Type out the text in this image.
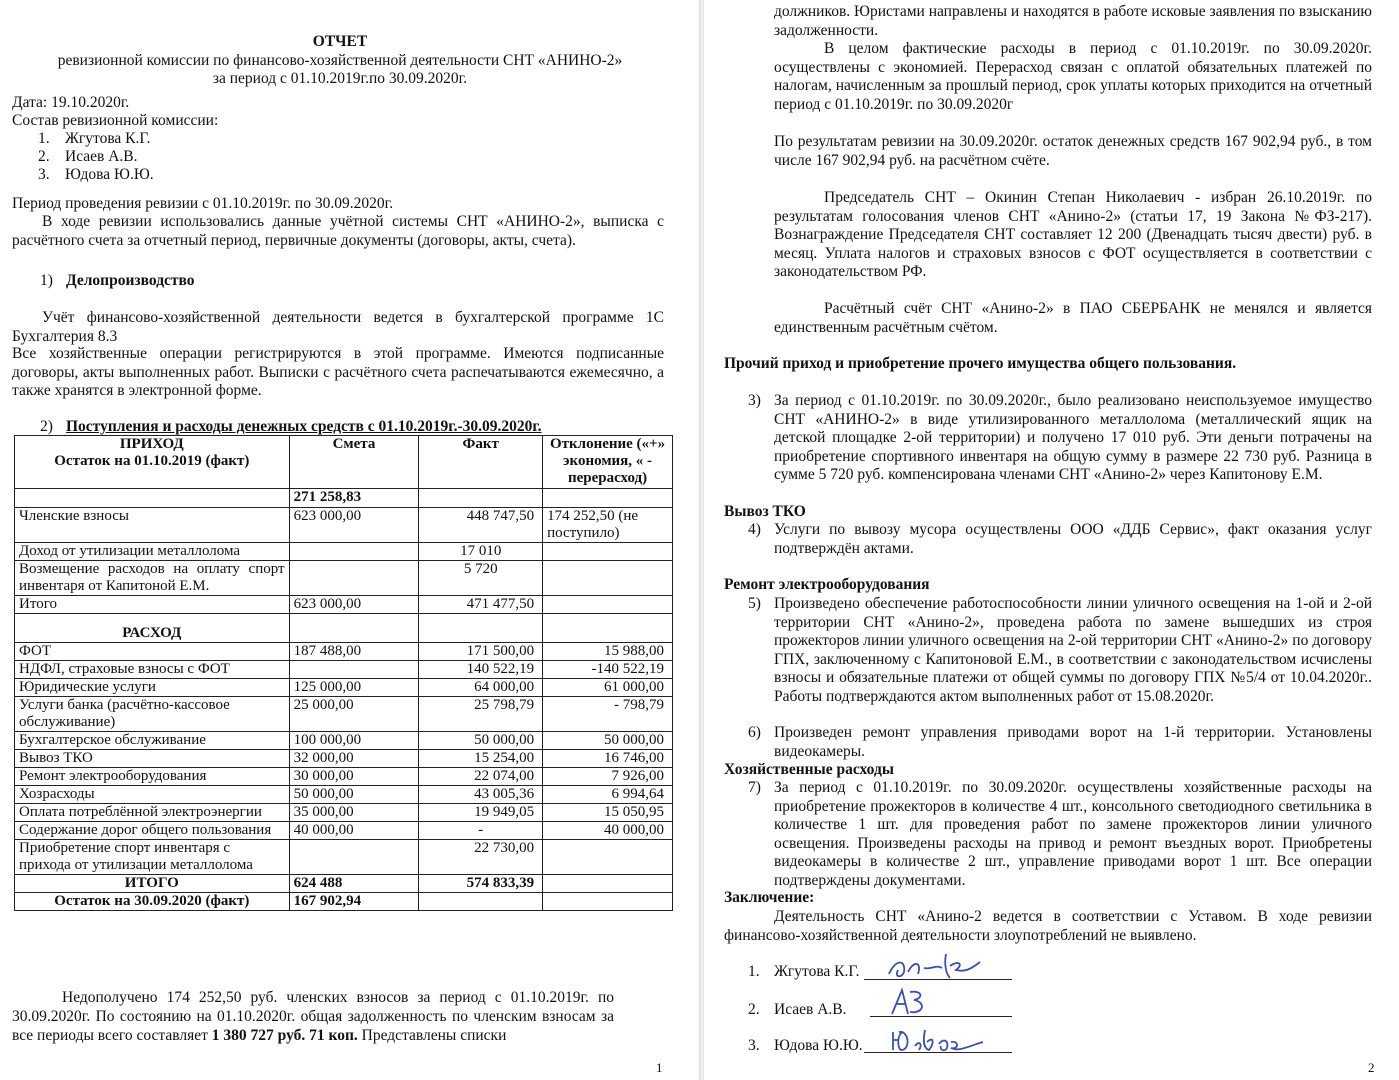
ОТЧЕТ
ревизионной комиссии по финансово-хозяйственной деятельности СНТ «АНИНО-2»
за период с 01.10.2019г.по 30.09.2020г.
Дата: 19.10.2020г.
Состав ревизионной комиссии:
1. Жгутова К.Г.
2. Исаев А.В.
3. Юдова Ю.Ю.
Период проведения ревизии с 01.10.2019г. по 30.09.2020г.
В ходе ревизии использовались данные учётной системы СНТ «АНИНО-2», выписка с расчётного счета за отчетный период, первичные документы (договоры, акты, счета).
1) Делопроизводство
Учёт финансово-хозяйственной деятельности ведется в бухгалтерской программе 1С Бухгалтерия 8.3
Все хозяйственные операции регистрируются в этой программе. Имеются подписанные договоры, акты выполненных работ. Выписки с расчётного счета распечатываются ежемесячно, а также хранятся в электронной форме.
2) Поступления и расходы денежных средств с 01.10.2019г.-30.09.2020г.
ПРИХОД
Остаток на 01.10.2019 (факт)	Смета	Факт	Отклонение («+» экономия, « - перерасход)
	271 258,83		
Членские взносы	623 000,00	448 747,50	174 252,50 (не поступило)
Доход от утилизации металлолома		17 010	
Возмещение расходов на оплату спорт инвентаря от Капитоной Е.М.		5 720	
Итого	623 000,00	471 477,50	
РАСХОД			
ФОТ	187 488,00	171 500,00	15 988,00
НДФЛ, страховые взносы с ФОТ		140 522,19	-140 522,19
Юридические услуги	125 000,00	64 000,00	61 000,00
Услуги банка (расчётно-кассовое обслуживание)	25 000,00	25 798,79	- 798,79
Бухгалтерское обслуживание	100 000,00	50 000,00	50 000,00
Вывоз ТКО	32 000,00	15 254,00	16 746,00
Ремонт электрооборудования	30 000,00	22 074,00	7 926,00
Хозрасходы	50 000,00	43 005,36	6 994,64
Оплата потреблённой электроэнергии	35 000,00	19 949,05	15 050,95
Содержание дорог общего пользования	40 000,00	-	40 000,00
Приобретение спорт инвентаря с прихода от утилизации металлолома		22 730,00	
ИТОГО	624 488	574 833,39	
Остаток на 30.09.2020 (факт)	167 902,94		
Недополучено 174 252,50 руб. членских взносов за период с 01.10.2019г. по 30.09.2020г. По состоянию на 01.10.2020г. общая задолженность по членским взносам за все периоды всего составляет 1 380 727 руб. 71 коп. Представлены списки
1
должников. Юристами направлены и находятся в работе исковые заявления по взысканию задолженности.
В целом фактические расходы в период с 01.10.2019г. по 30.09.2020г. осуществлены с экономией. Перерасход связан с оплатой обязательных платежей по налогам, начисленным за прошлый период, срок уплаты которых приходится на отчетный период с 01.10.2019г. по 30.09.2020г
По результатам ревизии на 30.09.2020г. остаток денежных средств 167 902,94 руб., в том числе 167 902,94 руб. на расчётном счёте.
Председатель СНТ – Окинин Степан Николаевич - избран 26.10.2019г. по результатам голосования членов СНТ «Анино-2» (статьи 17, 19 Закона №ФЗ-217). Вознаграждение Председателя СНТ составляет 12 200 (Двенадцать тысяч двести) руб. в месяц. Уплата налогов и страховых взносов с ФОТ осуществляется в соответствии с законодательством РФ.
Расчётный счёт СНТ «Анино-2» в ПАО СБЕРБАНК не менялся и является единственным расчётным счётом.
Прочий приход и приобретение прочего имущества общего пользования.
3) За период с 01.10.2019г. по 30.09.2020г., было реализовано неиспользуемое имущество СНТ «АНИНО-2» в виде утилизированного металлолома (металлический ящик на детской площадке 2-ой территории) и получено 17 010 руб. Эти деньги потрачены на приобретение спортивного инвентаря на общую сумму в размере 22 730 руб. Разница в сумме 5 720 руб. компенсирована членами СНТ «Анино-2» через Капитонову Е.М.
Вывоз ТКО
4) Услуги по вывозу мусора осуществлены ООО «ДДБ Сервис», факт оказания услуг подтверждён актами.
Ремонт электрооборудования
5) Произведено обеспечение работоспособности линии уличного освещения на 1-ой и 2-ой территории СНТ «Анино-2», проведена работа по замене вышедших из строя прожекторов линии уличного освещения на 2-ой территории СНТ «Анино-2» по договору ГПХ, заключенному с Капитоновой Е.М., в соответствии с законодательством исчислены взносы и обязательные платежи от общей суммы по договору ГПХ №5/4 от 10.04.2020г.. Работы подтверждаются актом выполненных работ от 15.08.2020г.
6) Произведен ремонт управления приводами ворот на 1-й территории. Установлены видеокамеры.
Хозяйственные расходы
7) За период с 01.10.2019г. по 30.09.2020г. осуществлены хозяйственные расходы на приобретение прожекторов в количестве 4 шт., консольного светодиодного светильника в количестве 1 шт. для проведения работ по замене прожекторов линии уличного освещения. Произведены расходы на привод и ремонт въездных ворот. Приобретены видеокамеры в количестве 2 шт., управление приводами ворот 1 шт. Все операции подтверждены документами.
Заключение:
Деятельность СНТ «Анино-2 ведется в соответствии с Уставом. В ходе ревизии финансово-хозяйственной деятельности злоупотреблений не выявлено.
1. Жгутова К.Г.
2. Исаев А.В.
3. Юдова Ю.Ю.
2
